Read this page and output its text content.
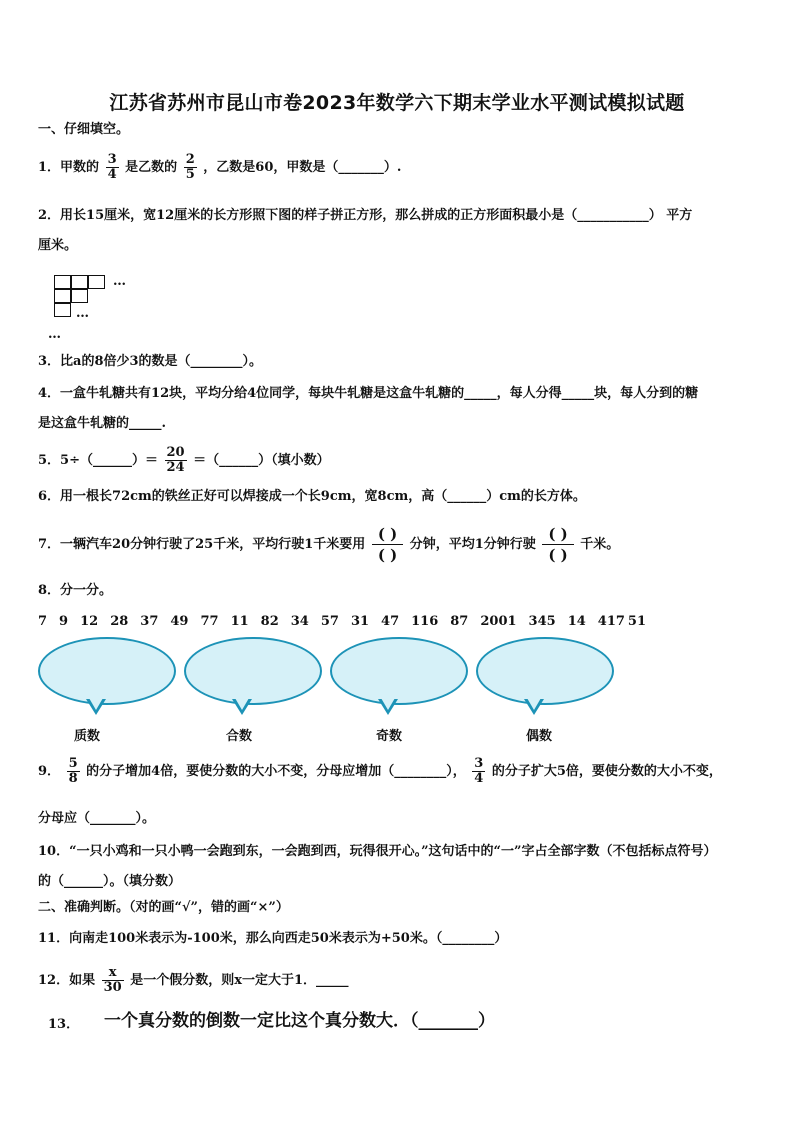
江苏省苏州市昆山市卷2023年数学六下期末学业水平测试模拟试题
一、仔细填空。
1．甲数的 $\frac{3}{4}$ 是乙数的 $\frac{2}{5}$ ，乙数是60，甲数是（_______）.
2．用长15厘米，宽12厘米的长方形照下图的样子拼正方形，那么拼成的正方形面积最小是（___________） 平方
厘米。
…
…
…
3．比a的8倍少3的数是（________）。
4．一盒牛轧糖共有12块，平均分给4位同学，每块牛轧糖是这盒牛轧糖的_____，每人分得_____块，每人分到的糖
是这盒牛轧糖的_____.
5．5÷（______）＝ $\frac{20}{24}$ ＝（______）（填小数）
6．用一根长72cm的铁丝正好可以焊接成一个长9cm，宽8cm，高（______）cm的长方体。
7．一辆汽车20分钟行驶了25千米，平均行驶1千米要用 $\frac{( )}{( )}$ 分钟，平均1分钟行驶 $\frac{( )}{( )}$ 千米。
8．分一分。
7 9 12 28 37 49 77 11 82 34 57 31 47 116 87 2001 345 14 417 51
质数	合数	奇数	偶数
9． $\frac{5}{8}$ 的分子增加4倍，要使分数的大小不变，分母应增加（________）， $\frac{3}{4}$ 的分子扩大5倍，要使分数的大小不变，
分母应（_______）。
10．“一只小鸡和一只小鸭一会跑到东，一会跑到西，玩得很开心。”这句话中的“一”字占全部字数（不包括标点符号）
的（______）。（填分数）
二、准确判断。（对的画“√”，错的画“×”）
11．向南走100米表示为-100米，那么向西走50米表示为+50米。（________）
12．如果 $\frac{x}{30}$ 是一个假分数，则x一定大于1．_____
13． 一个真分数的倒数一定比这个真分数大．（_______）
